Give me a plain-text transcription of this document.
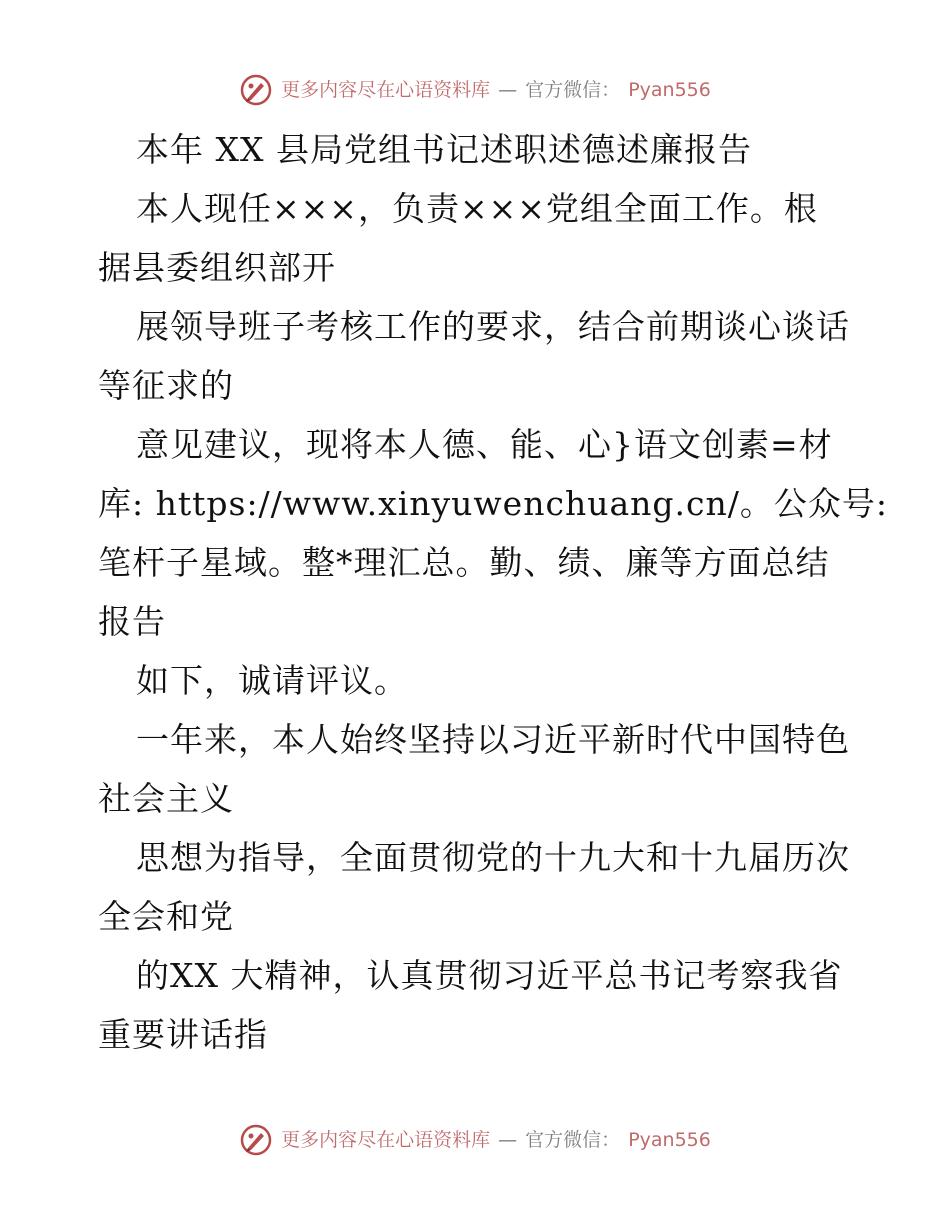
更多内容尽在心语资料库 — 官方微信： Pyan556
本年 XX 县局党组书记述职述德述廉报告
本人现任×××，负责×××党组全面工作。根
据县委组织部开
展领导班子考核工作的要求，结合前期谈心谈话
等征求的
意见建议，现将本人德、能、心}语文创素=材
库: https://www.xinyuwenchuang.cn/。公众号:
笔杆子星域。整*理汇总。勤、绩、廉等方面总结
报告
如下，诚请评议。
一年来，本人始终坚持以习近平新时代中国特色
社会主义
思想为指导，全面贯彻党的十九大和十九届历次
全会和党
的XX 大精神，认真贯彻习近平总书记考察我省
重要讲话指
更多内容尽在心语资料库 — 官方微信： Pyan556
